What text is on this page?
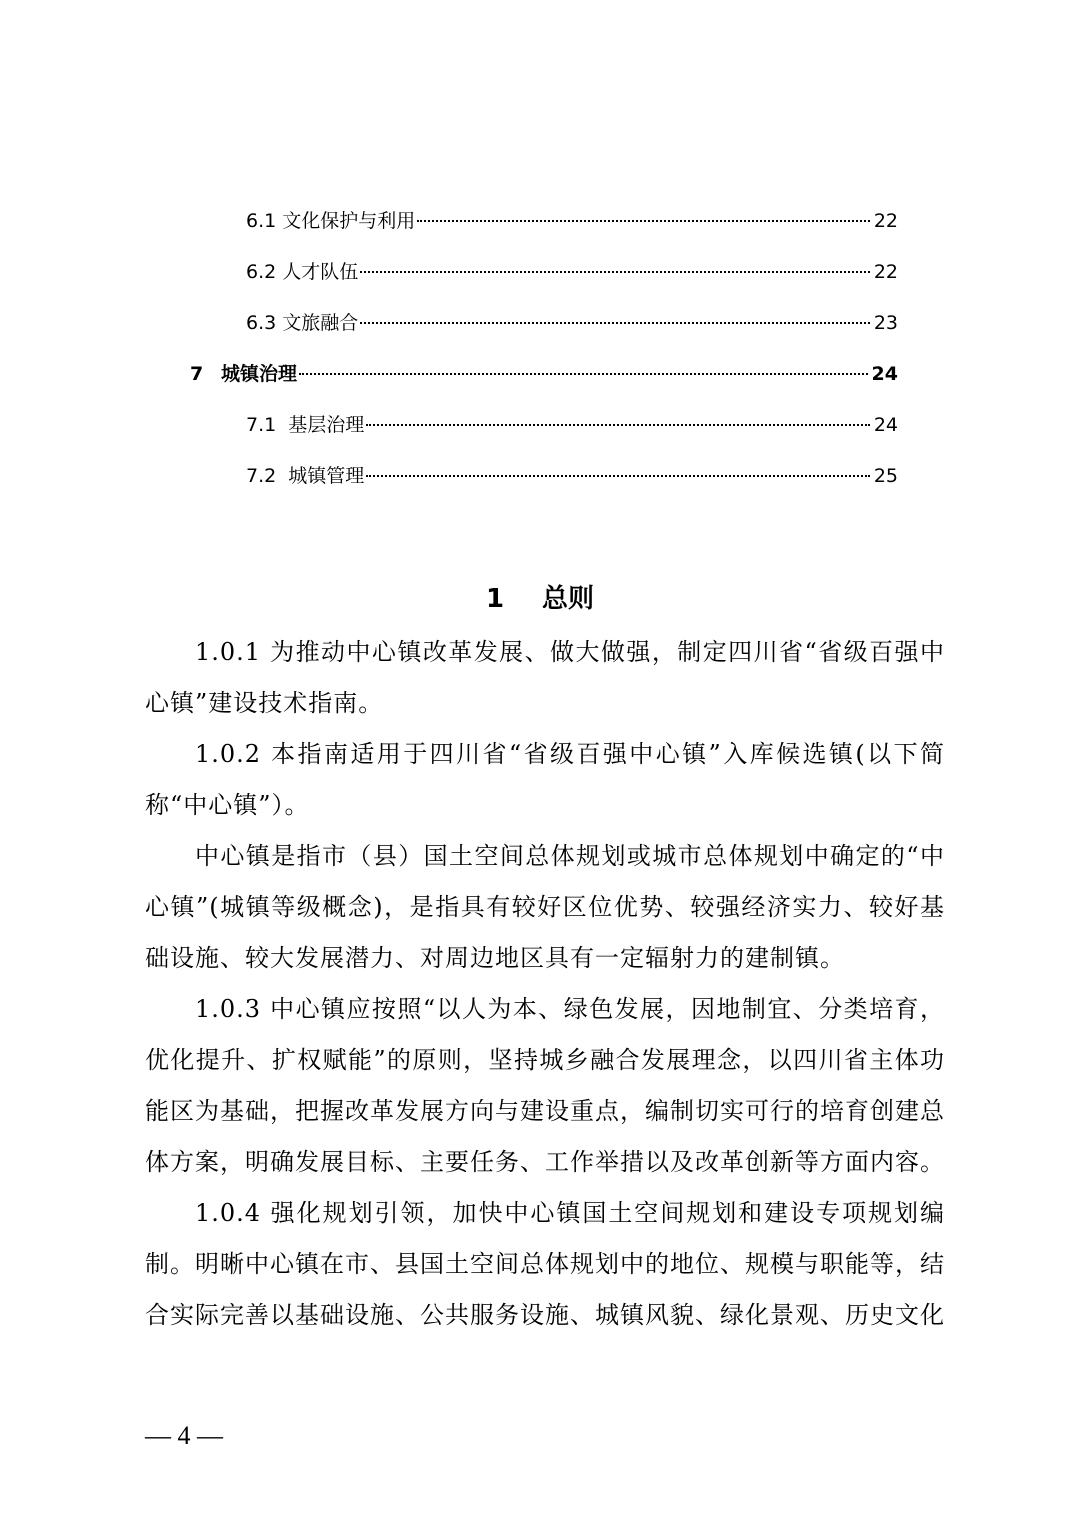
6.1 文化保护与利用	22
6.2 人才队伍	22
6.3 文旅融合	23
7 城镇治理	24
7.1 基层治理	24
7.2 城镇管理	25
1 总则

1.0.1 为推动中心镇改革发展、做大做强，制定四川省“省级百强中心镇”建设技术指南。

1.0.2 本指南适用于四川省“省级百强中心镇”入库候选镇(以下简称“中心镇”）。

中心镇是指市（县）国土空间总体规划或城市总体规划中确定的“中心镇”(城镇等级概念)，是指具有较好区位优势、较强经济实力、较好基础设施、较大发展潜力、对周边地区具有一定辐射力的建制镇。

1.0.3 中心镇应按照“以人为本、绿色发展，因地制宜、分类培育，优化提升、扩权赋能”的原则，坚持城乡融合发展理念，以四川省主体功能区为基础，把握改革发展方向与建设重点，编制切实可行的培育创建总体方案，明确发展目标、主要任务、工作举措以及改革创新等方面内容。

1.0.4 强化规划引领，加快中心镇国土空间规划和建设专项规划编制。明晰中心镇在市、县国土空间总体规划中的地位、规模与职能等，结合实际完善以基础设施、公共服务设施、城镇风貌、绿化景观、历史文化

— 4 —
